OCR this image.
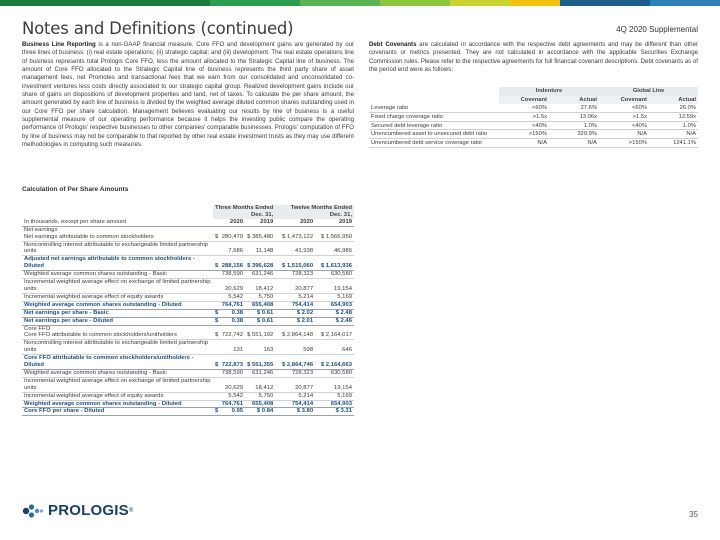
Notes and Definitions (continued)	4Q 2020 Supplemental
Business Line Reporting is a non-GAAP financial measure. Core FFO and development gains are generated by our three lines of business: (i) real estate operations; (ii) strategic capital; and (iii) development. The real estate operations line of business represents total Prologis Core FFO, less the amount allocated to the Strategic Capital line of business. The amount of Core FFO allocated to the Strategic Capital line of business represents the third party share of asset management fees, net Promotes and transactional fees that we earn from our consolidated and unconsolidated co-investment ventures less costs directly associated to our strategic capital group. Realized development gains include our share of gains on dispositions of development properties and land, net of taxes. To calculate the per share amount, the amount generated by each line of business is divided by the weighted average diluted common shares outstanding used in our Core FFO per share calculation. Management believes evaluating our results by line of business is a useful supplemental measure of our operating performance because it helps the investing public compare the operating performance of Prologis' respective businesses to other companies' comparable businesses. Prologis' computation of FFO by line of business may not be comparable to that reported by other real estate investment trusts as they may use different methodologies in computing such measures.
Debt Covenants are calculated in accordance with the respective debt agreements and may be different than other covenants or metrics presented. They are not calculated in accordance with the applicable Securities Exchange Commission rules. Please refer to the respective agreements for full financial covenant descriptions. Debt covenants as of the period end were as follows:
	Indenture		Global Line	
	Covenant	Actual	Covenant	Actual
Leverage ratio	<60%	27.6%	<60%	26.0%
Fixed charge coverage ratio	>1.5x	13.06x	>1.5x	12.59x
Secured debt leverage ratio	<40%	1.0%	<40%	1.0%
Unencumbered asset to unsecured debt ratio	>150%	320.9%	N/A	N/A
Unencumbered debt service coverage ratio	N/A	N/A	>150%	1241.1%
Calculation of Per Share Amounts
	Three Months Ended			Twelve Months Ended	
	Dec. 31,			Dec. 31,	
In thousands, except per share amount	2020		2019	2020	2019
Net earnings					
Net earnings attributable to common stockholders	$	280,470	$ 385,480	$ 1,473,122	$ 1,566,950
Noncontrolling interest attributable to exchangeable limited partnership units		7,686	11,148	41,938	46,986
Adjusted net earnings attributable to common stockholders - Diluted	$	288,156	$ 396,628	$ 1,515,060	$ 1,613,936
Weighted average common shares outstanding - Basic		738,590	631,246	728,323	630,580
Incremental weighted average effect on exchange of limited partnership units		20,629	18,412	20,877	19,154
Incremental weighted average effect of equity awards		5,542	5,750	5,214	5,169
Weighted average common shares outstanding - Diluted		764,761	655,408	754,414	654,903
Net earnings per share - Basic	$	0.38	$ 0.61	$ 2.02	$ 2.48
Net earnings per share - Diluted	$	0.38	$ 0.61	$ 2.01	$ 2.46
Core FFO					
Core FFO attributable to common stockholders/unitholders	$	722,742	$ 551,192	$ 2,864,148	$ 2,164,017
Noncontrolling interest attributable to exchangeable limited partnership units		131	163	598	646
Core FFO attributable to common stockholders/unitholders - Diluted	$	722,873	$ 551,355	$ 2,864,746	$ 2,164,663
Weighted average common shares outstanding - Basic		738,590	631,246	728,323	630,580
Incremental weighted average effect on exchange of limited partnership units		20,629	18,412	20,877	19,154
Incremental weighted average effect of equity awards		5,542	5,750	5,214	5,169
Weighted average common shares outstanding - Diluted		764,761	655,408	754,414	654,903
Core FFO per share - Diluted	$	0.95	$ 0.84	$ 3.80	$ 3.31
PROLOGIS ®	35
